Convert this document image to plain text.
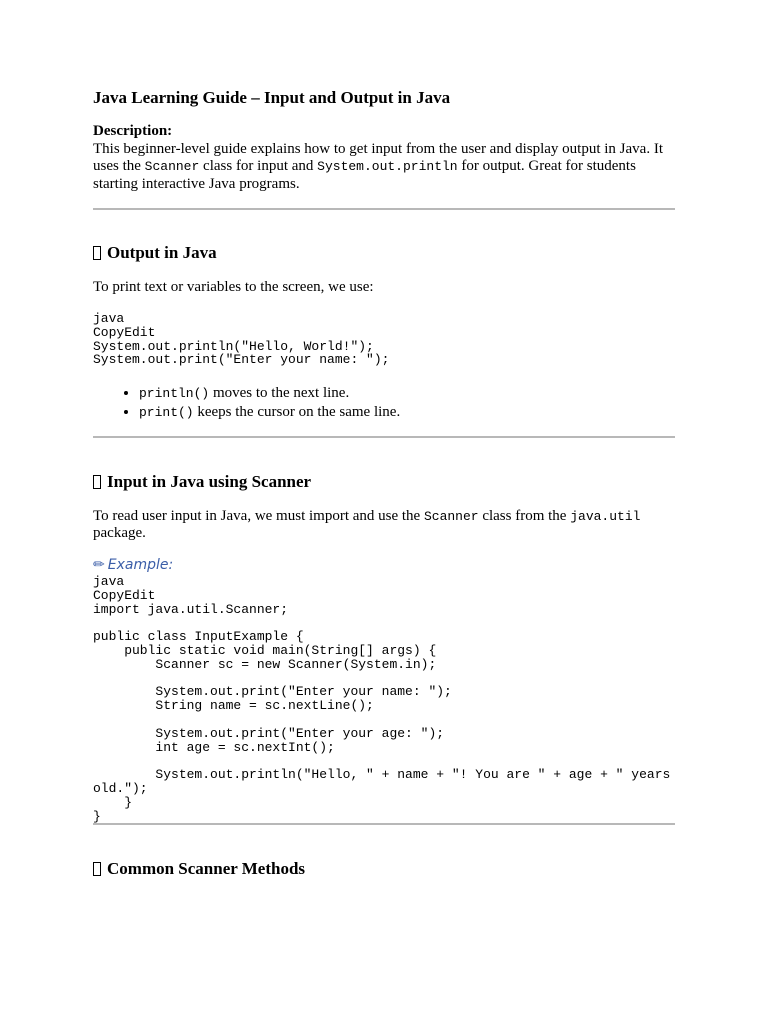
Java Learning Guide – Input and Output in Java
Description:
This beginner-level guide explains how to get input from the user and display output in Java. It uses the Scanner class for input and System.out.println for output. Great for students starting interactive Java programs.
Output in Java
To print text or variables to the screen, we use:
java
CopyEdit
System.out.println("Hello, World!");
System.out.print("Enter your name: ");
• println() moves to the next line.
• print() keeps the cursor on the same line.
Input in Java using Scanner
To read user input in Java, we must import and use the Scanner class from the java.util package.
✏ Example:
java
CopyEdit
import java.util.Scanner;

public class InputExample {
public static void main(String[] args) {
Scanner sc = new Scanner(System.in);

System.out.print("Enter your name: ");
String name = sc.nextLine();

System.out.print("Enter your age: ");
int age = sc.nextInt();

System.out.println("Hello, " + name + "! You are " + age + " years
old.");
}
}
Common Scanner Methods
